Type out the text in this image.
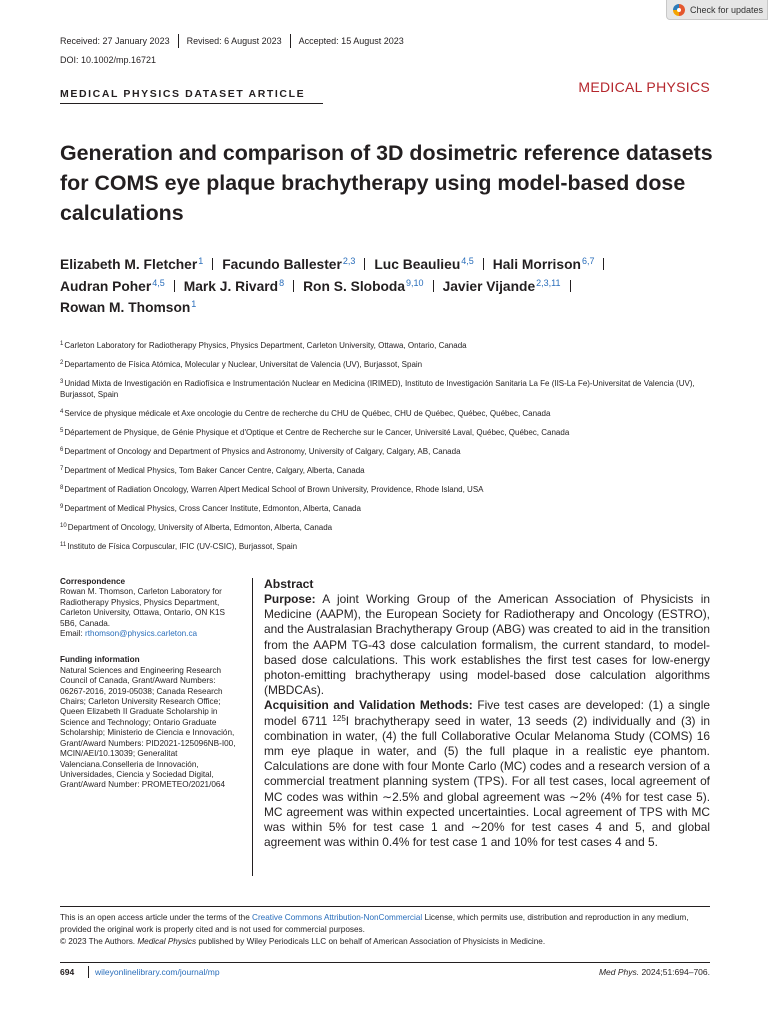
Check for updates
Received: 27 January 2023 Revised: 6 August 2023 Accepted: 15 August 2023
DOI: 10.1002/mp.16721
MEDICAL PHYSICS DATASET ARTICLE	MEDICAL PHYSICS
Generation and comparison of 3D dosimetric reference datasets for COMS eye plaque brachytherapy using model-based dose calculations
Elizabeth M. Fletcher$^1$ Facundo Ballester$^{2,3}$ Luc Beaulieu$^{4,5}$ Hali Morrison$^{6,7}$
Audran Poher$^{4,5}$ Mark J. Rivard$^8$ Ron S. Sloboda$^{9,10}$ Javier Vijande$^{2,3,11}$
Rowan M. Thomson$^1$
$^1$Carleton Laboratory for Radiotherapy Physics, Physics Department, Carleton University, Ottawa, Ontario, Canada
$^2$Departamento de Física Atómica, Molecular y Nuclear, Universitat de Valencia (UV), Burjassot, Spain
$^3$Unidad Mixta de Investigación en Radiofísica e Instrumentación Nuclear en Medicina (IRIMED), Instituto de Investigación Sanitaria La Fe (IIS-La Fe)-Universitat de Valencia (UV), Burjassot, Spain
$^4$Service de physique médicale et Axe oncologie du Centre de recherche du CHU de Québec, CHU de Québec, Québec, Québec, Canada
$^5$Département de Physique, de Génie Physique et d'Optique et Centre de Recherche sur le Cancer, Université Laval, Québec, Québec, Canada
$^6$Department of Oncology and Department of Physics and Astronomy, University of Calgary, Calgary, AB, Canada
$^7$Department of Medical Physics, Tom Baker Cancer Centre, Calgary, Alberta, Canada
$^8$Department of Radiation Oncology, Warren Alpert Medical School of Brown University, Providence, Rhode Island, USA
$^9$Department of Medical Physics, Cross Cancer Institute, Edmonton, Alberta, Canada
$^{10}$Department of Oncology, University of Alberta, Edmonton, Alberta, Canada
$^{11}$Instituto de Física Corpuscular, IFIC (UV-CSIC), Burjassot, Spain
Correspondence
Rowan M. Thomson, Carleton Laboratory for Radiotherapy Physics, Physics Department, Carleton University, Ottawa, Ontario, ON K1S 5B6, Canada.
Email: rthomson@physics.carleton.ca
Funding information
Natural Sciences and Engineering Research Council of Canada, Grant/Award Numbers: 06267-2016, 2019-05038; Canada Research Chairs; Carleton University Research Office; Queen Elizabeth II Graduate Scholarship in Science and Technology; Ontario Graduate Scholarship; Ministerio de Ciencia e Innovación, Grant/Award Numbers: PID2021-125096NB-I00, MCIN/AEI/10.13039; Generalitat Valenciana.Conselleria de Innovación, Universidades, Ciencia y Sociedad Digital, Grant/Award Number: PROMETEO/2021/064
Abstract

Purpose: A joint Working Group of the American Association of Physicists in Medicine (AAPM), the European Society for Radiotherapy and Oncology (ESTRO), and the Australasian Brachytherapy Group (ABG) was created to aid in the transition from the AAPM TG-43 dose calculation formalism, the current standard, to model-based dose calculations. This work establishes the first test cases for low-energy photon-emitting brachytherapy using model-based dose calculation algorithms (MBDCAs).

Acquisition and Validation Methods: Five test cases are developed: (1) a single model 6711 $^{125}$I brachytherapy seed in water, 13 seeds (2) individually and (3) in combination in water, (4) the full Collaborative Ocular Melanoma Study (COMS) 16 mm eye plaque in water, and (5) the full plaque in a realistic eye phantom. Calculations are done with four Monte Carlo (MC) codes and a research version of a commercial treatment planning system (TPS). For all test cases, local agreement of MC codes was within ∼2.5% and global agreement was ∼2% (4% for test case 5). MC agreement was within expected uncertainties. Local agreement of TPS with MC was within 5% for test case 1 and ∼20% for test cases 4 and 5, and global agreement was within 0.4% for test case 1 and 10% for test cases 4 and 5.

This is an open access article under the terms of the Creative Commons Attribution-NonCommercial License, which permits use, distribution and reproduction in any medium, provided the original work is properly cited and is not used for commercial purposes.
© 2023 The Authors. Medical Physics published by Wiley Periodicals LLC on behalf of American Association of Physicists in Medicine.
694 wileyonlinelibrary.com/journal/mp	Med Phys. 2024;51:694–706.
